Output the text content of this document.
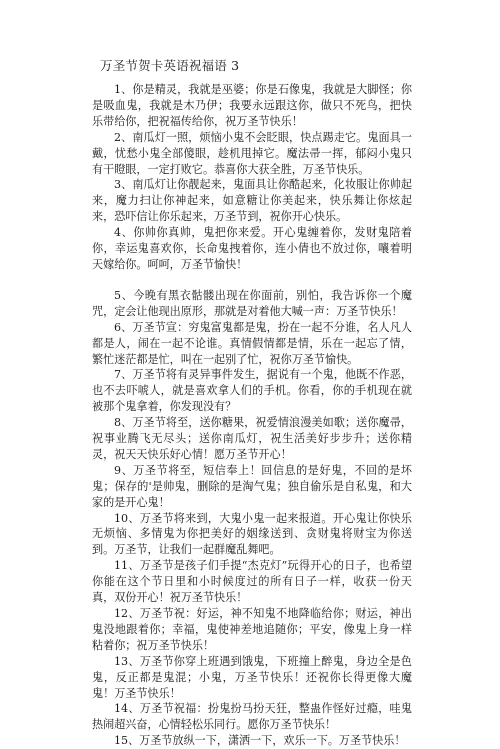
万圣节贺卡英语祝福语 3

1、你是精灵，我就是巫婆；你是石像鬼，我就是大脚怪；你是吸血鬼，我就是木乃伊；我要永远跟这你，做只不死鸟，把快乐带给你，把祝福传给你，祝万圣节快乐！

2、南瓜灯一照，烦恼小鬼不会眨眼，快点踢走它。鬼面具一戴，忧愁小鬼全部傻眼，趁机甩掉它。魔法帚一挥，郁闷小鬼只有干瞪眼，一定打败它。恭喜你大获全胜，万圣节快乐。

3、南瓜灯让你靓起来，鬼面具让你酷起来，化妆服让你帅起来，魔力扫让你神起来，如意糖让你美起来，快乐舞让你炫起来，恐吓信让你乐起来，万圣节到，祝你开心快乐。

4、你帅你真帅，鬼把你来爱。开心鬼缠着你，发财鬼陪着你，幸运鬼喜欢你，长命鬼拽着你，连小倩也不放过你，嚷着明天嫁给你。呵呵，万圣节愉快！

5、今晚有黑衣骷髅出现在你面前，别怕，我告诉你一个魔咒，定会让他现出原形，那就是对着他大喊一声：万圣节快乐！

6、万圣节宣：穷鬼富鬼都是鬼，扮在一起不分谁，名人凡人都是人，闹在一起不论谁。真情假情都是情，乐在一起忘了情，繁忙迷茫都是忙，叫在一起别了忙，祝你万圣节愉快。

7、万圣节将有灵异事件发生，据说有一个鬼，他既不作恶，也不去吓唬人，就是喜欢拿人们的手机。你看，你的手机现在就被那个鬼拿着，你发现没有？

8、万圣节将至，送你糖果，祝爱情浪漫美如歌；送你魔帚，祝事业腾飞无尽头；送你南瓜灯，祝生活美好步步升；送你精灵，祝天天快乐好心情！愿万圣节开心！

9、万圣节将至，短信奉上！回信息的是好鬼，不回的是坏鬼；保存的'是帅鬼，删除的是淘气鬼；独自偷乐是自私鬼，和大家的是开心鬼！

10、万圣节将来到，大鬼小鬼一起来报道。开心鬼让你快乐无烦恼、多情鬼为你把美好的姻缘送到、贪财鬼将财宝为你送到。万圣节，让我们一起群魔乱舞吧。

11、万圣节是孩子们手提“杰克灯”玩得开心的日子，也希望你能在这个节日里和小时候度过的所有日子一样，收获一份天真，双份开心！祝万圣节快乐！

12、万圣节祝：好运，神不知鬼不地降临给你；财运，神出鬼没地跟着你；幸福，鬼使神差地追随你；平安，像鬼上身一样粘着你；祝万圣节快乐！

13、万圣节你穿上班遇到饿鬼，下班撞上醉鬼，身边全是色鬼，反正都是鬼混；小鬼，万圣节快乐！还祝你长得更像大魔鬼！万圣节快乐！

14、万圣节祝福：扮鬼扮马扮天狂，整蛊作怪好过瘾，哇鬼热闹超兴奋，心情轻松乐同行。愿你万圣节快乐！

15、万圣节放纵一下，潇洒一下，欢乐一下。万圣节快乐！
